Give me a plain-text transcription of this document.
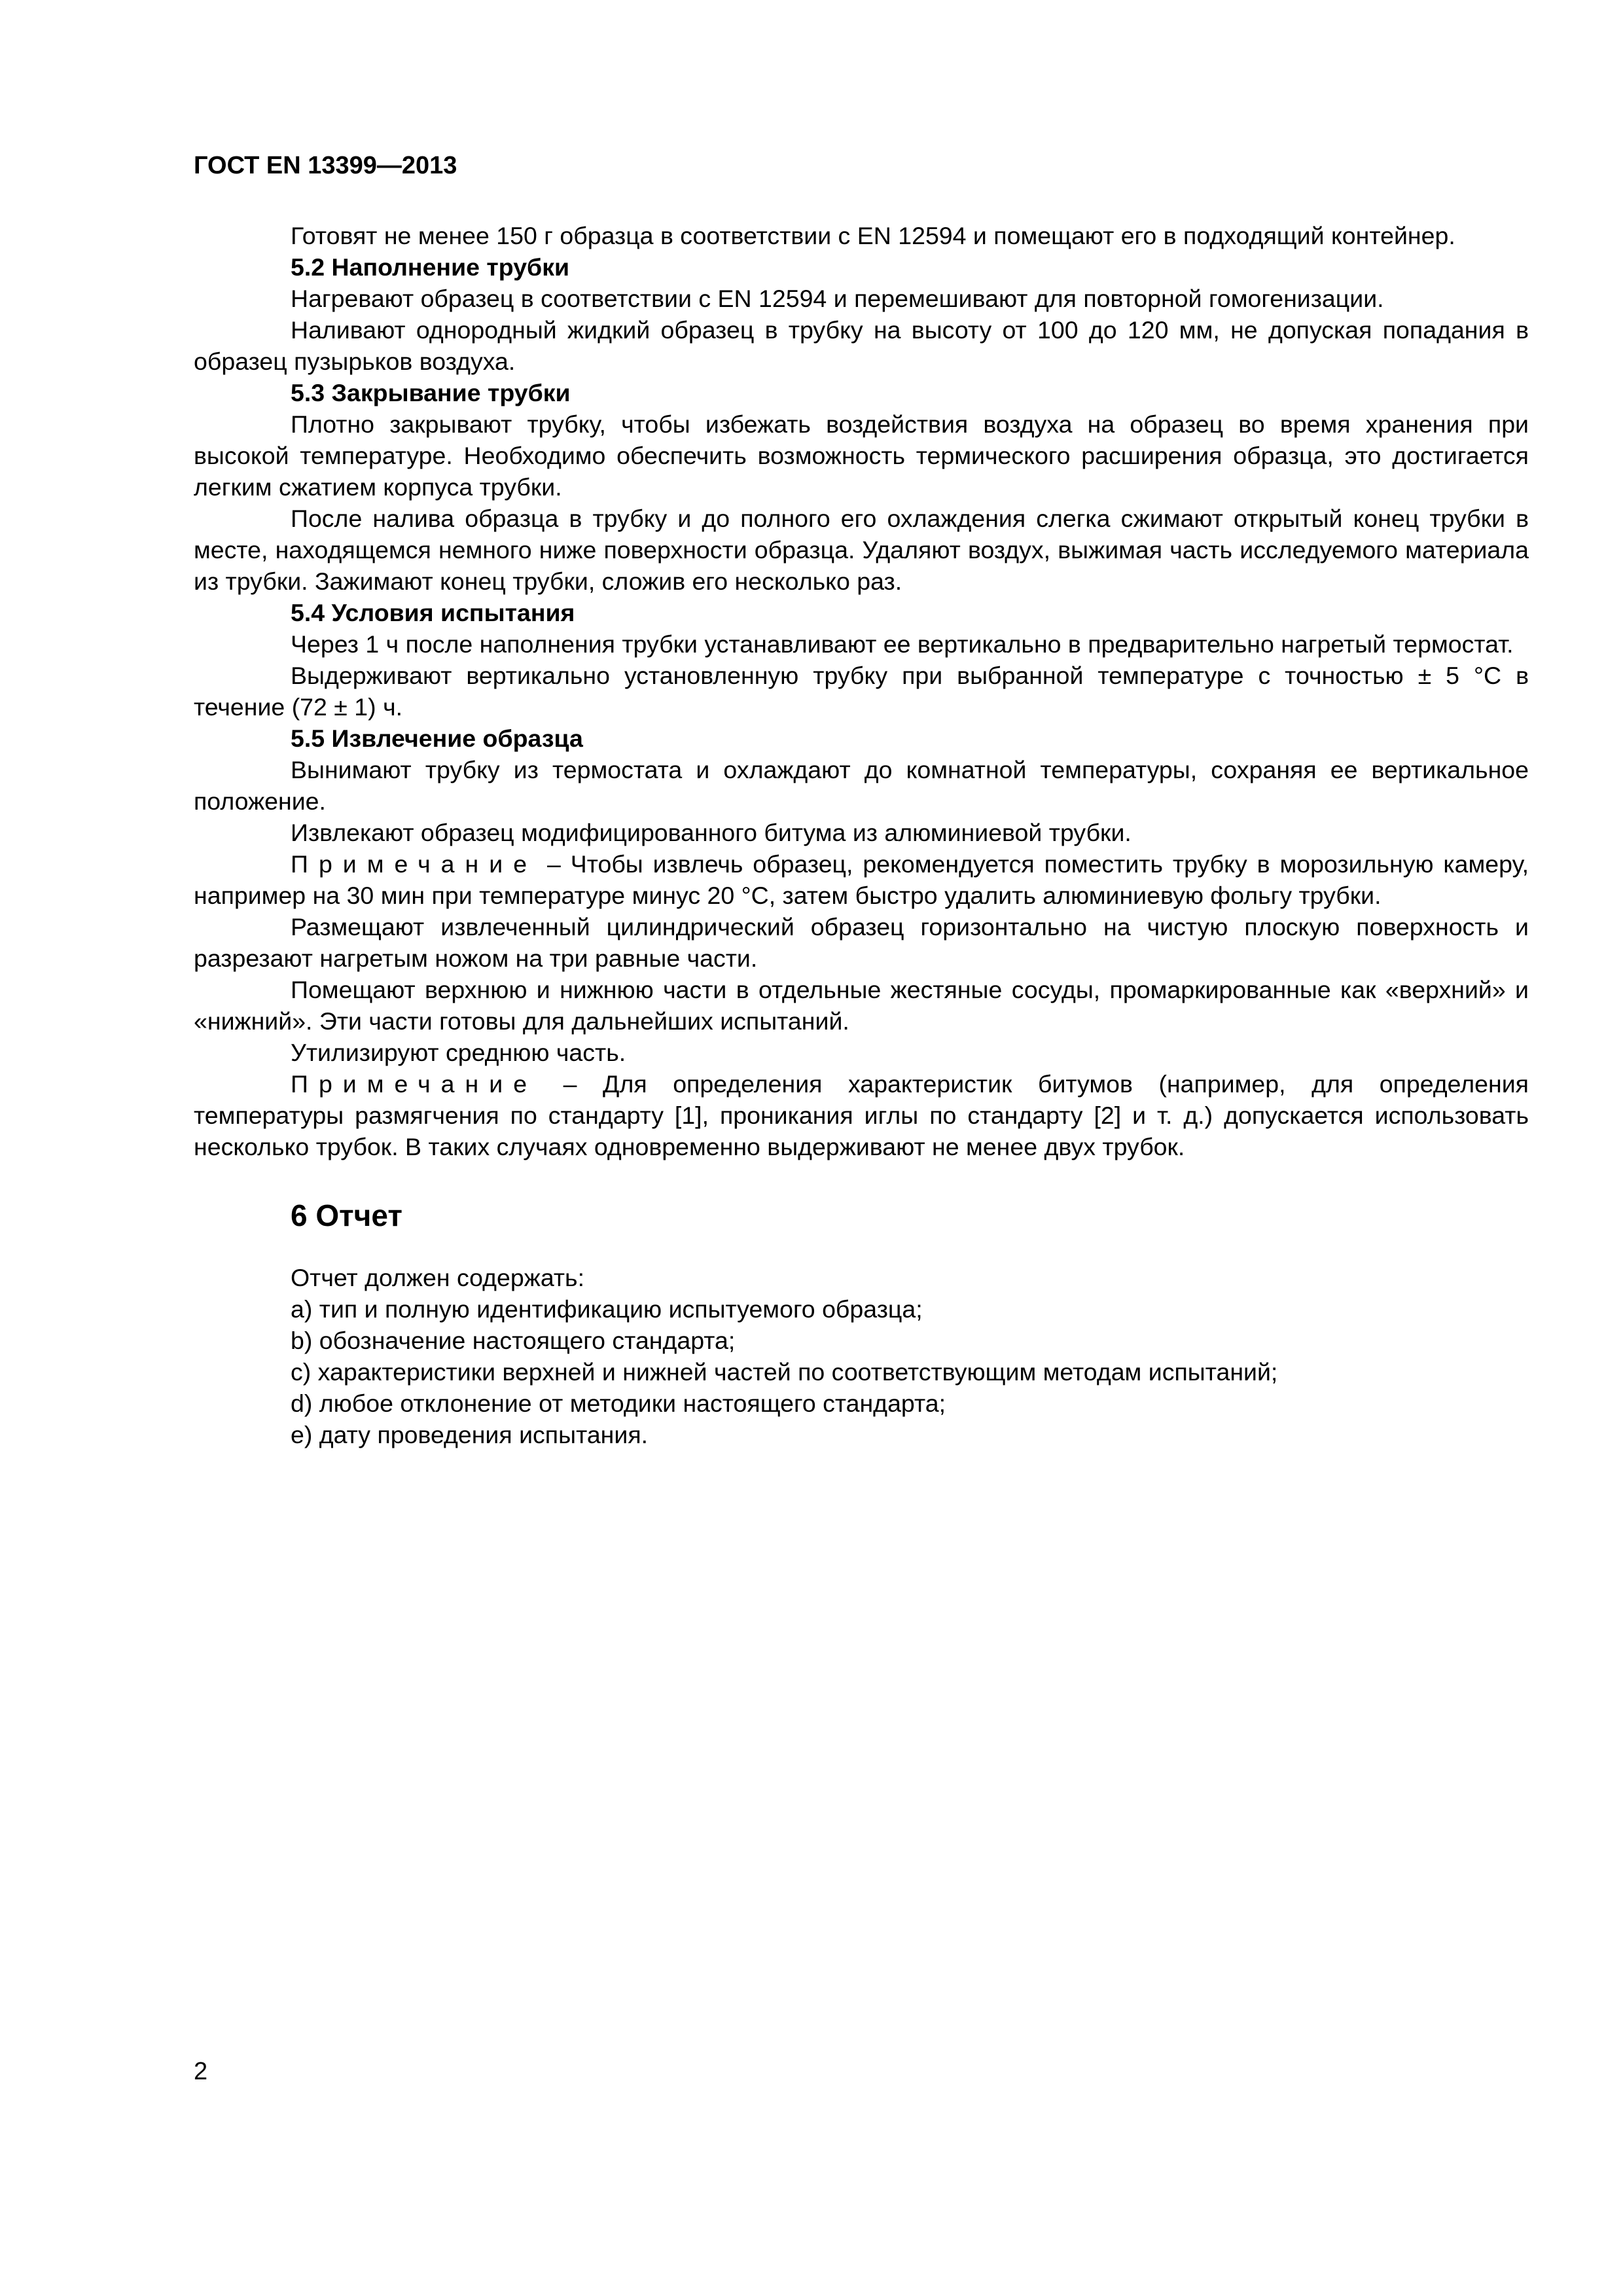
ГОСТ EN 13399—2013

Готовят не менее 150 г образца в соответствии с EN 12594 и помещают его в подходящий контейнер.

5.2 Наполнение трубки

Нагревают образец в соответствии с EN 12594 и перемешивают для повторной гомогенизации.

Наливают однородный жидкий образец в трубку на высоту от 100 до 120 мм, не допуская попадания в образец пузырьков воздуха.

5.3 Закрывание трубки

Плотно закрывают трубку, чтобы избежать воздействия воздуха на образец во время хранения при высокой температуре. Необходимо обеспечить возможность термического расширения образца, это достигается легким сжатием корпуса трубки.

После налива образца в трубку и до полного его охлаждения слегка сжимают открытый конец трубки в месте, находящемся немного ниже поверхности образца. Удаляют воздух, выжимая часть исследуемого материала из трубки. Зажимают конец трубки, сложив его несколько раз.

5.4 Условия испытания

Через 1 ч после наполнения трубки устанавливают ее вертикально в предварительно нагретый термостат.

Выдерживают вертикально установленную трубку при выбранной температуре с точностью ± 5 °С в течение (72 ± 1) ч.

5.5 Извлечение образца

Вынимают трубку из термостата и охлаждают до комнатной температуры, сохраняя ее вертикальное положение.

Извлекают образец модифицированного битума из алюминиевой трубки.

Примечание – Чтобы извлечь образец, рекомендуется поместить трубку в морозильную камеру, например на 30 мин при температуре минус 20 °С, затем быстро удалить алюминиевую фольгу трубки.

Размещают извлеченный цилиндрический образец горизонтально на чистую плоскую поверхность и разрезают нагретым ножом на три равные части.

Помещают верхнюю и нижнюю части в отдельные жестяные сосуды, промаркированные как «верхний» и «нижний». Эти части готовы для дальнейших испытаний.

Утилизируют среднюю часть.

Примечание – Для определения характеристик битумов (например, для определения температуры размягчения по стандарту [1], проникания иглы по стандарту [2] и т. д.) допускается использовать несколько трубок. В таких случаях одновременно выдерживают не менее двух трубок.

6 Отчет

Отчет должен содержать:

a) тип и полную идентификацию испытуемого образца;
b) обозначение настоящего стандарта;
c) характеристики верхней и нижней частей по соответствующим методам испытаний;
d) любое отклонение от методики настоящего стандарта;
e) дату проведения испытания.
2
